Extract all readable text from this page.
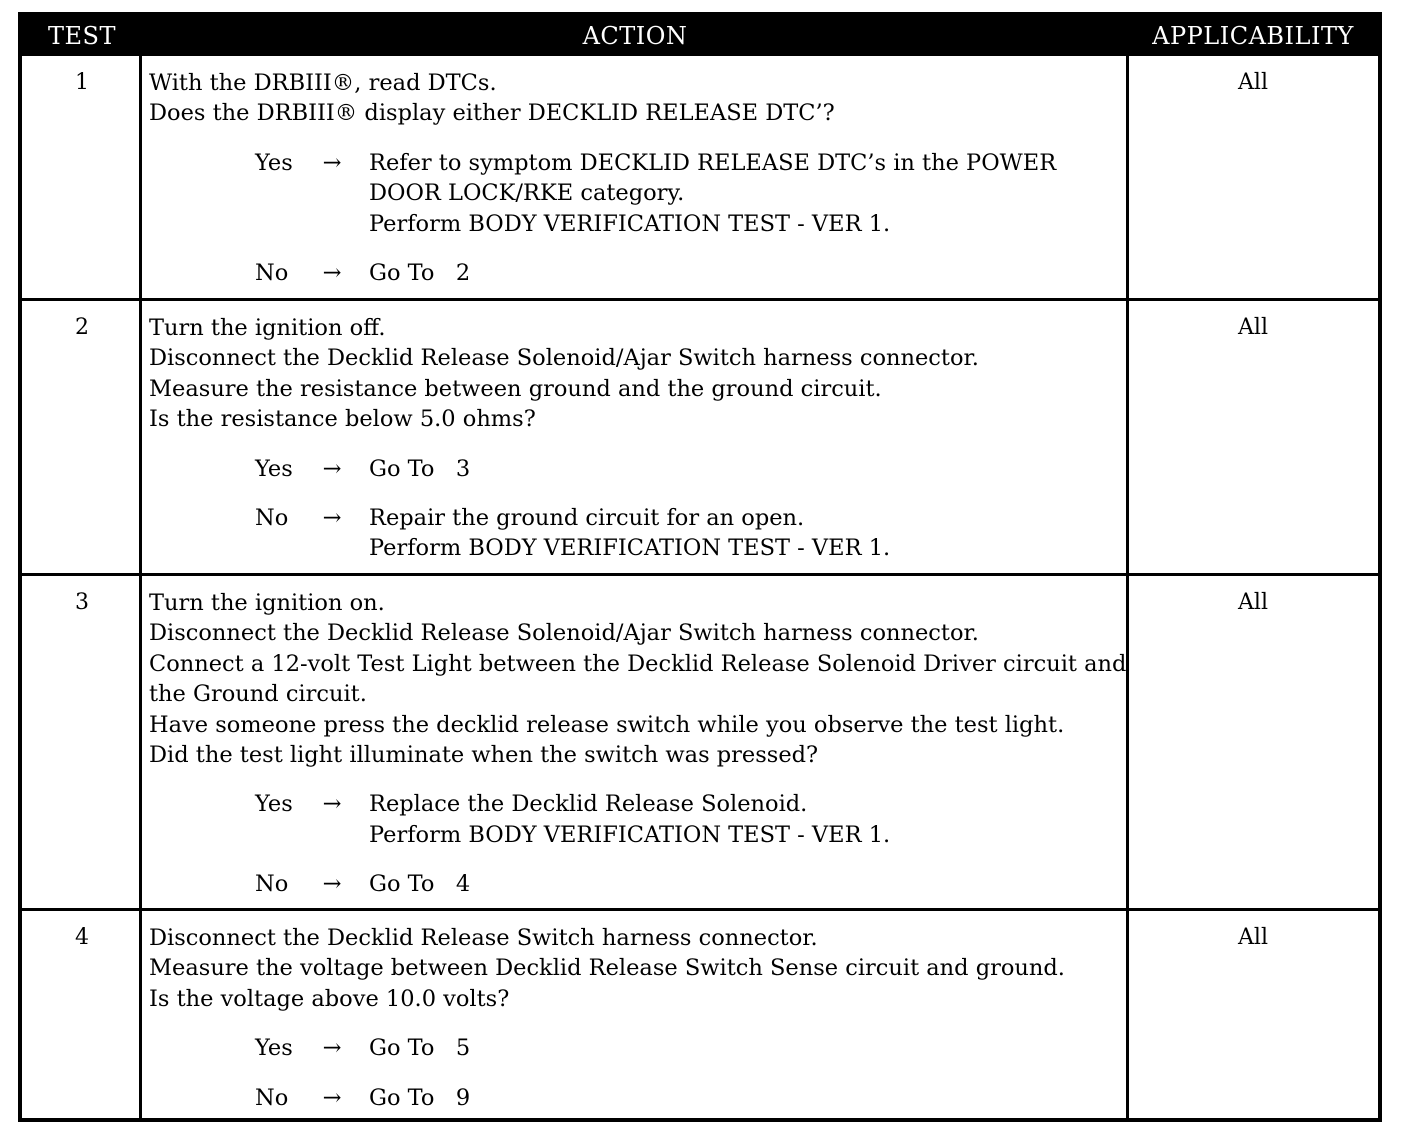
TEST	ACTION	APPLICABILITY
1	With the DRBIII®, read DTCs.
Does the DRBIII® display either DECKLID RELEASE DTC’?
Yes	→ Refer to symptom DECKLID RELEASE DTC’s in the POWER
DOOR LOCK/RKE category.
Perform BODY VERIFICATION TEST - VER 1.
No	→ Go To   2
All
2	Turn the ignition off.
Disconnect the Decklid Release Solenoid/Ajar Switch harness connector.
Measure the resistance between ground and the ground circuit.
Is the resistance below 5.0 ohms?
Yes	→ Go To   3
No	→ Repair the ground circuit for an open.
Perform BODY VERIFICATION TEST - VER 1.
All
3	Turn the ignition on.
Disconnect the Decklid Release Solenoid/Ajar Switch harness connector.
Connect a 12-volt Test Light between the Decklid Release Solenoid Driver circuit and
the Ground circuit.
Have someone press the decklid release switch while you observe the test light.
Did the test light illuminate when the switch was pressed?
Yes	→ Replace the Decklid Release Solenoid.
Perform BODY VERIFICATION TEST - VER 1.
No	→ Go To   4
All
4	Disconnect the Decklid Release Switch harness connector.
Measure the voltage between Decklid Release Switch Sense circuit and ground.
Is the voltage above 10.0 volts?
Yes	→ Go To   5
No	→ Go To   9
All
